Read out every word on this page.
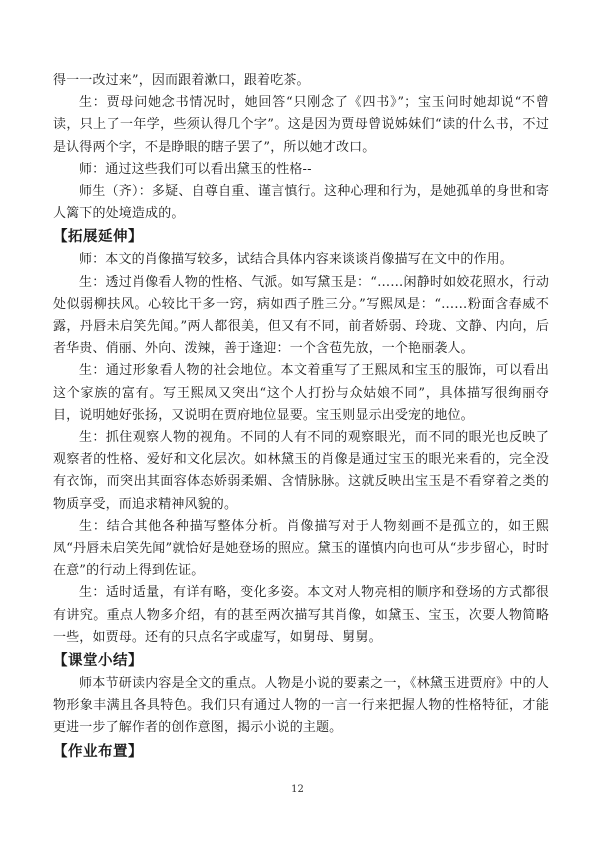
得一一改过来”，因而跟着漱口，跟着吃茶。

生：贾母问她念书情况时，她回答“只刚念了《四书》”；宝玉问时她却说“不曾读，只上了一年学，些须认得几个字”。这是因为贾母曾说姊妹们“读的什么书，不过是认得两个字，不是睁眼的瞎子罢了”，所以她才改口。

师：通过这些我们可以看出黛玉的性格--

师生（齐）：多疑、自尊自重、谨言慎行。这种心理和行为，是她孤单的身世和寄人篱下的处境造成的。

【拓展延伸】

师：本文的肖像描写较多，试结合具体内容来谈谈肖像描写在文中的作用。

生：透过肖像看人物的性格、气派。如写黛玉是：“……闲静时如姣花照水，行动处似弱柳扶风。心较比干多一窍，病如西子胜三分。”写熙凤是：“……粉面含春威不露，丹唇未启笑先闻。”两人都很美，但又有不同，前者娇弱、玲珑、文静、内向，后者华贵、俏丽、外向、泼辣，善于逢迎：一个含苞先放，一个艳丽袭人。

生：通过形象看人物的社会地位。本文着重写了王熙凤和宝玉的服饰，可以看出这个家族的富有。写王熙凤又突出“这个人打扮与众姑娘不同”，具体描写很绚丽夺目，说明她好张扬，又说明在贾府地位显要。宝玉则显示出受宠的地位。

生：抓住观察人物的视角。不同的人有不同的观察眼光，而不同的眼光也反映了观察者的性格、爱好和文化层次。如林黛玉的肖像是通过宝玉的眼光来看的，完全没有衣饰，而突出其面容体态娇弱柔媚、含情脉脉。这就反映出宝玉是不看穿着之类的物质享受，而追求精神风貌的。

生：结合其他各种描写整体分析。肖像描写对于人物刻画不是孤立的，如王熙凤“丹唇未启笑先闻”就恰好是她登场的照应。黛玉的谨慎内向也可从“步步留心，时时在意”的行动上得到佐证。

生：适时适量，有详有略，变化多姿。本文对人物亮相的顺序和登场的方式都很有讲究。重点人物多介绍，有的甚至两次描写其肖像，如黛玉、宝玉，次要人物简略一些，如贾母。还有的只点名字或虚写，如舅母、舅舅。

【课堂小结】

师本节研读内容是全文的重点。人物是小说的要素之一，《林黛玉进贾府》中的人物形象丰满且各具特色。我们只有通过人物的一言一行来把握人物的性格特征，才能更进一步了解作者的创作意图，揭示小说的主题。

【作业布置】
12
